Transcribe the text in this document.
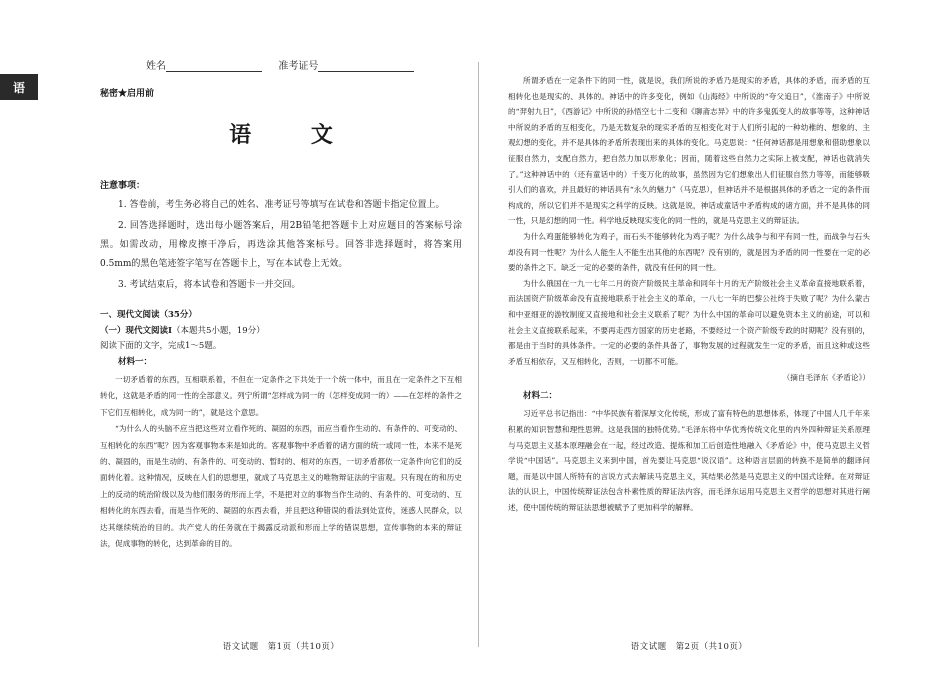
语
姓名	准考证号
秘密★启用前
语 文
注意事项：

1. 答卷前，考生务必将自己的姓名、准考证号等填写在试卷和答题卡指定位置上。

2. 回答选择题时，选出每小题答案后，用2B铅笔把答题卡上对应题目的答案标号涂黑。如需改动，用橡皮擦干净后，再选涂其他答案标号。回答非选择题时，将答案用0.5mm的黑色笔迹签字笔写在答题卡上，写在本试卷上无效。

3. 考试结束后，将本试卷和答题卡一并交回。

一、现代文阅读（35分）
（一）现代文阅读Ⅰ（本题共5小题，19分）
阅读下面的文字，完成1～5题。
材料一：

一切矛盾着的东西，互相联系着，不但在一定条件之下共处于一个统一体中，而且在一定条件之下互相转化，这就是矛盾的同一性的全部意义。列宁所谓“怎样成为同一的（怎样变成同一的）——在怎样的条件之下它们互相转化，成为同一的”，就是这个意思。

“为什么人的头脑不应当把这些对立看作死的、凝固的东西，而应当看作生动的、有条件的、可变动的、互相转化的东西”呢？因为客观事物本来是如此的。客观事物中矛盾着的诸方面的统一或同一性，本来不是死的、凝固的，而是生动的、有条件的、可变动的、暂时的、相对的东西，一切矛盾都依一定条件向它们的反面转化着。这种情况，反映在人们的思想里，就成了马克思主义的唯物辩证法的宇宙观。只有现在的和历史上的反动的统治阶级以及为他们服务的形而上学，不是把对立的事物当作生动的、有条件的、可变动的、互相转化的东西去看，而是当作死的、凝固的东西去看，并且把这种错误的看法到处宣传，迷惑人民群众，以达其继续统治的目的。共产党人的任务就在于揭露反动派和形而上学的错误思想，宣传事物的本来的辩证法，促成事物的转化，达到革命的目的。

语文试题　第1页（共10页）

所谓矛盾在一定条件下的同一性，就是说，我们所说的矛盾乃是现实的矛盾，具体的矛盾，而矛盾的互相转化也是现实的、具体的。神话中的许多变化，例如《山海经》中所说的“夸父追日”，《淮南子》中所说的“羿射九日”，《西游记》中所说的孙悟空七十二变和《聊斋志异》中的许多鬼狐变人的故事等等，这种神话中所说的矛盾的互相变化，乃是无数复杂的现实矛盾的互相变化对于人们所引起的一种幼稚的、想象的、主观幻想的变化，并不是具体的矛盾所表现出来的具体的变化。马克思说：“任何神话都是用想象和借助想象以征服自然力，支配自然力，把自然力加以形象化；因而，随着这些自然力之实际上被支配，神话也就消失了。”这种神话中的（还有童话中的）千变万化的故事，虽然因为它们想象出人们征服自然力等等，而能够吸引人们的喜欢，并且最好的神话具有“永久的魅力”（马克思），但神话并不是根据具体的矛盾之一定的条件而构成的，所以它们并不是现实之科学的反映。这就是说，神话或童话中矛盾构成的诸方面，并不是具体的同一性，只是幻想的同一性。科学地反映现实变化的同一性的，就是马克思主义的辩证法。

为什么鸡蛋能够转化为鸡子，而石头不能够转化为鸡子呢？为什么战争与和平有同一性，而战争与石头却没有同一性呢？为什么人能生人不能生出其他的东西呢？没有别的，就是因为矛盾的同一性要在一定的必要的条件之下。缺乏一定的必要的条件，就没有任何的同一性。

为什么俄国在一九一七年二月的资产阶级民主革命和同年十月的无产阶级社会主义革命直接地联系着，而法国资产阶级革命没有直接地联系于社会主义的革命，一八七一年的巴黎公社终于失败了呢？为什么蒙古和中亚细亚的游牧制度又直接地和社会主义联系了呢？为什么中国的革命可以避免资本主义的前途，可以和社会主义直接联系起来，不要再走西方国家的历史老路，不要经过一个资产阶级专政的时期呢？没有别的，都是由于当时的具体条件。一定的必要的条件具备了，事物发展的过程就发生一定的矛盾，而且这种或这些矛盾互相依存，又互相转化，否则，一切都不可能。

（摘自毛泽东《矛盾论》）

材料二：

习近平总书记指出：“中华民族有着深厚文化传统，形成了富有特色的思想体系，体现了中国人几千年来积累的知识智慧和理性思辨。这是我国的独特优势。”毛泽东将中华优秀传统文化里的内外四种辩证关系原理与马克思主义基本原理融会在一起，经过改造、提炼和加工后创造性地融入《矛盾论》中，使马克思主义哲学说“中国话”。马克思主义来到中国，首先要让马克思“说汉语”。这种语言层面的转换不是简单的翻译问题，而是以中国人所特有的言说方式去解读马克思主义，其结果必然是马克思主义的中国式诠释。在对辩证法的认识上，中国传统辩证法包含朴素性质的辩证法内容，而毛泽东运用马克思主义哲学的思想对其进行阐述，使中国传统的辩证法思想被赋予了更加科学的解释。

语文试题　第2页（共10页）
